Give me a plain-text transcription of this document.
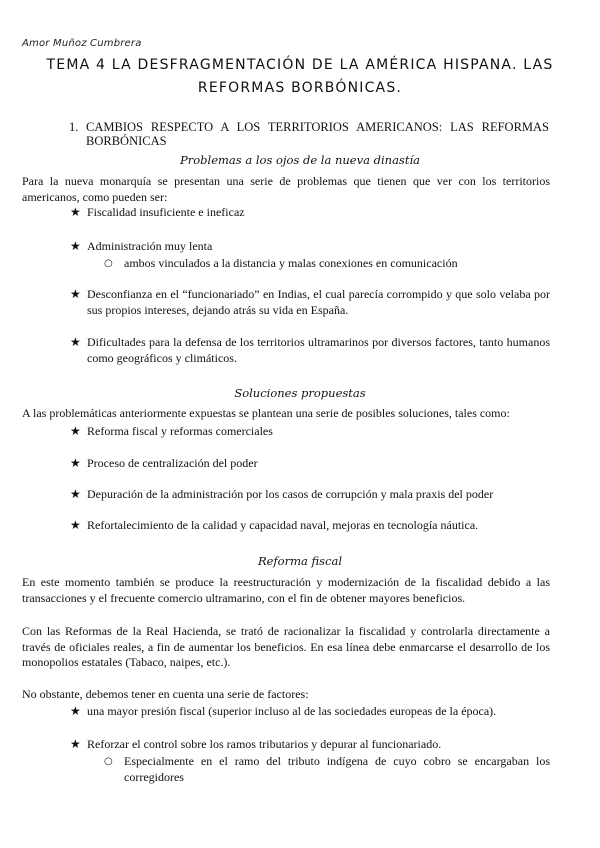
Amor Muñoz Cumbrera
TEMA 4 LA DESFRAGMENTACIÓN DE LA AMÉRICA HISPANA. LAS REFORMAS BORBÓNICAS.
1. CAMBIOS RESPECTO A LOS TERRITORIOS AMERICANOS: LAS REFORMAS BORBÓNICAS
Problemas a los ojos de la nueva dinastía
Para la nueva monarquía se presentan una serie de problemas que tienen que ver con los territorios americanos, como pueden ser:
★ Fiscalidad insuficiente e ineficaz
★ Administración muy lenta
○ ambos vinculados a la distancia y malas conexiones en comunicación
★ Desconfianza en el “funcionariado” en Indias, el cual parecía corrompido y que solo velaba por sus propios intereses, dejando atrás su vida en España.
★ Dificultades para la defensa de los territorios ultramarinos por diversos factores, tanto humanos como geográficos y climáticos.
Soluciones propuestas
A las problemáticas anteriormente expuestas se plantean una serie de posibles soluciones, tales como:
★ Reforma fiscal y reformas comerciales
★ Proceso de centralización del poder
★ Depuración de la administración por los casos de corrupción y mala praxis del poder
★ Refortalecimiento de la calidad y capacidad naval, mejoras en tecnología náutica.
Reforma fiscal
En este momento también se produce la reestructuración y modernización de la fiscalidad debido a las transacciones y el frecuente comercio ultramarino, con el fin de obtener mayores beneficios.
Con las Reformas de la Real Hacienda, se trató de racionalizar la fiscalidad y controlarla directamente a través de oficiales reales, a fin de aumentar los beneficios. En esa línea debe enmarcarse el desarrollo de los monopolios estatales (Tabaco, naipes, etc.).
No obstante, debemos tener en cuenta una serie de factores:
★ una mayor presión fiscal (superior incluso al de las sociedades europeas de la época).
★ Reforzar el control sobre los ramos tributarios y depurar al funcionariado.
○ Especialmente en el ramo del tributo indígena de cuyo cobro se encargaban los corregidores
